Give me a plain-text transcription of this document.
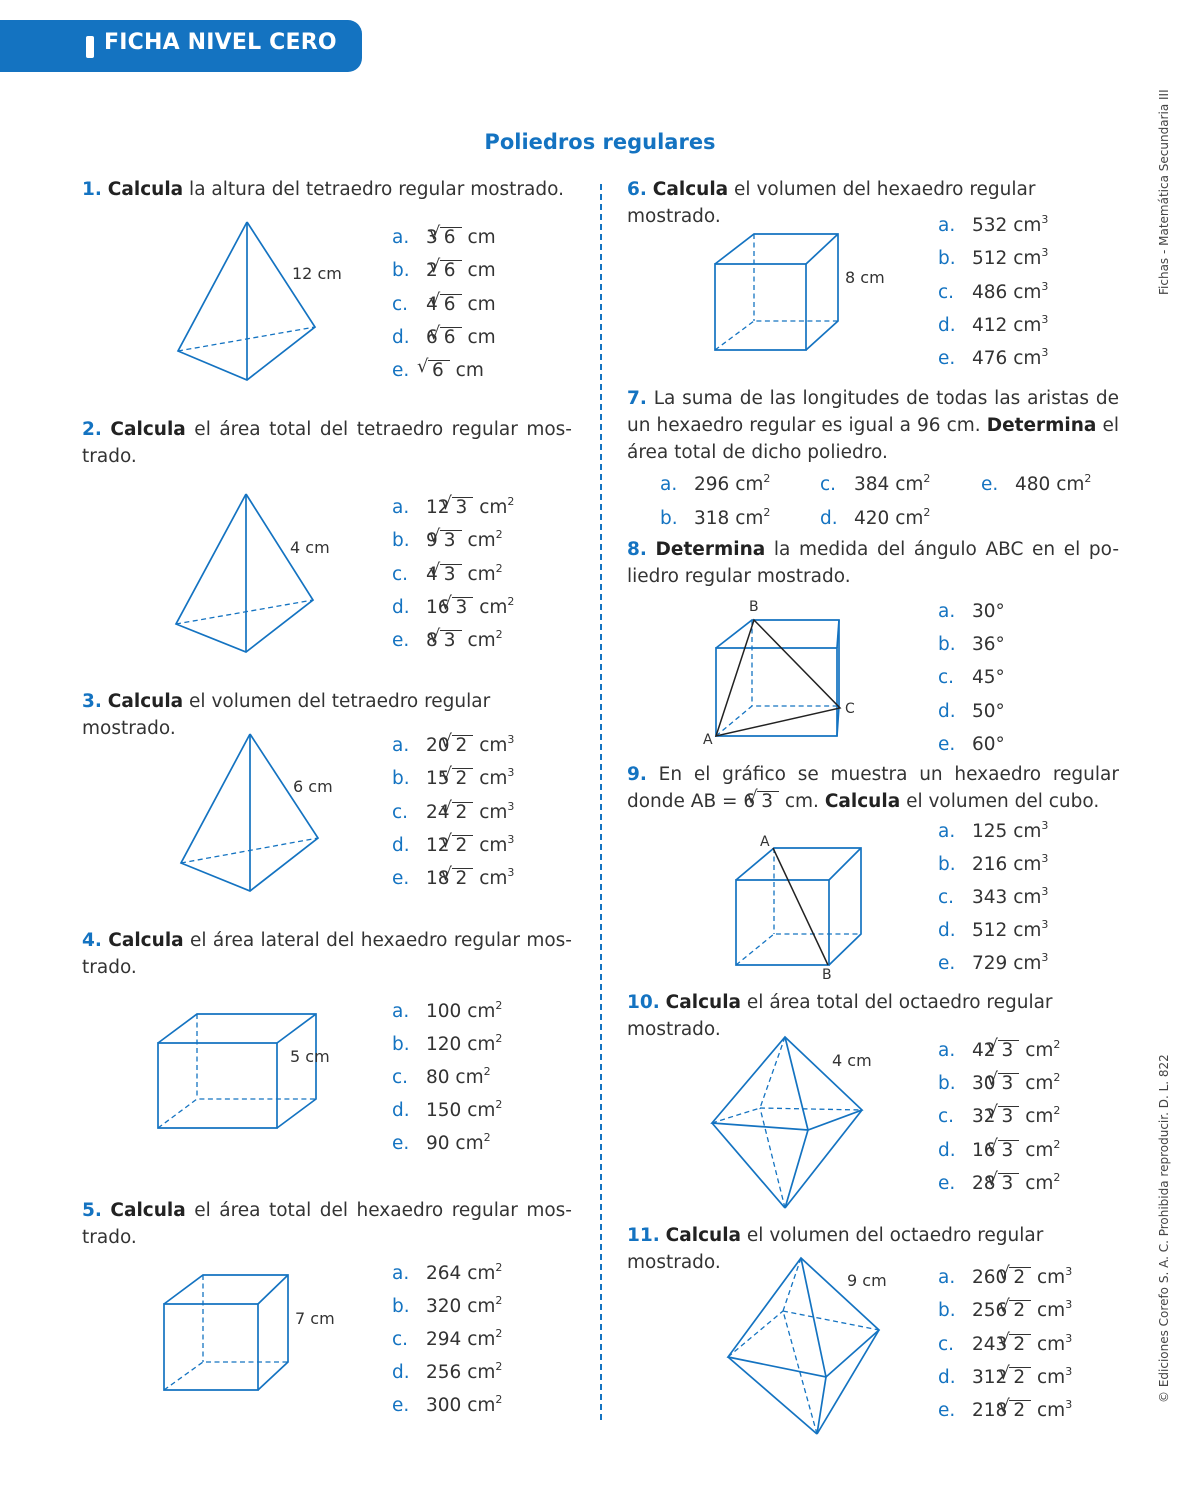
FICHA NIVEL CERO
Poliedros regulares	Fichas - Matemática Secundaria III
© Ediciones Corefo S. A. C. Prohibida reproducir. D. L. 822
1. Calcula la altura del tetraedro regular mostrado.
12 cm
a. 3 √ 6 cm
b. 2 √ 6 cm
c. 4 √ 6 cm
d. 6 √ 6 cm
e. √ 6 cm
2. Calcula el área total del tetraedro regular mos-trado.
4 cm
a. 12 √ 3 $cm^2$
b. 9 √ 3 $cm^2$
c. 4 √ 3 $cm^2$
d. 16 √ 3 $cm^2$
e. 8 √ 3 $cm^2$
3. Calcula el volumen del tetraedro regular mostrado.
6 cm
a. 20 √ 2 $cm^3$
b. 15 √ 2 $cm^3$
c. 24 √ 2 $cm^3$
d. 12 √ 2 $cm^3$
e. 18 √ 2 $cm^3$
4. Calcula el área lateral del hexaedro regular mos-trado.
5 cm
a. 100 $cm^2$
b. 120 $cm^2$
c. 80 $cm^2$
d. 150 $cm^2$
e. 90 $cm^2$
5. Calcula el área total del hexaedro regular mos-trado.
7 cm
a. 264 $cm^2$
b. 320 $cm^2$
c. 294 $cm^2$
d. 256 $cm^2$
e. 300 $cm^2$
6. Calcula el volumen del hexaedro regular mostrado.
8 cm
a. 532 $cm^3$
b. 512 $cm^3$
c. 486 $cm^3$
d. 412 $cm^3$
e. 476 $cm^3$
7. La suma de las longitudes de todas las aristas de un hexaedro regular es igual a 96 cm. Determina el área total de dicho poliedro.
a. 296 $cm^2$	c. 384 $cm^2$	e. 480 $cm^2$
b. 318 $cm^2$	d. 420 $cm^2$
8. Determina la medida del ángulo ABC en el po-liedro regular mostrado.
B
C
A
a. 30°
b. 36°
c. 45°
d. 50°
e. 60°
9. En el gráfico se muestra un hexaedro regular donde AB = 6 √ 3 cm. Calcula el volumen del cubo.
A
B
a. 125 $cm^3$
b. 216 $cm^3$
c. 343 $cm^3$
d. 512 $cm^3$
e. 729 $cm^3$
10. Calcula el área total del octaedro regular mostrado.
4 cm	a. 42 √ 3 $cm^2$
b. 30 √ 3 $cm^2$
c. 32 √ 3 $cm^2$
d. 16 √ 3 $cm^2$
e. 28 √ 3 $cm^2$
11. Calcula el volumen del octaedro regular mostrado.
9 cm	a. 260 √ 2 $cm^3$
b. 256 √ 2 $cm^3$
c. 243 √ 2 $cm^3$
d. 312 √ 2 $cm^3$
e. 218 √ 2 $cm^3$
